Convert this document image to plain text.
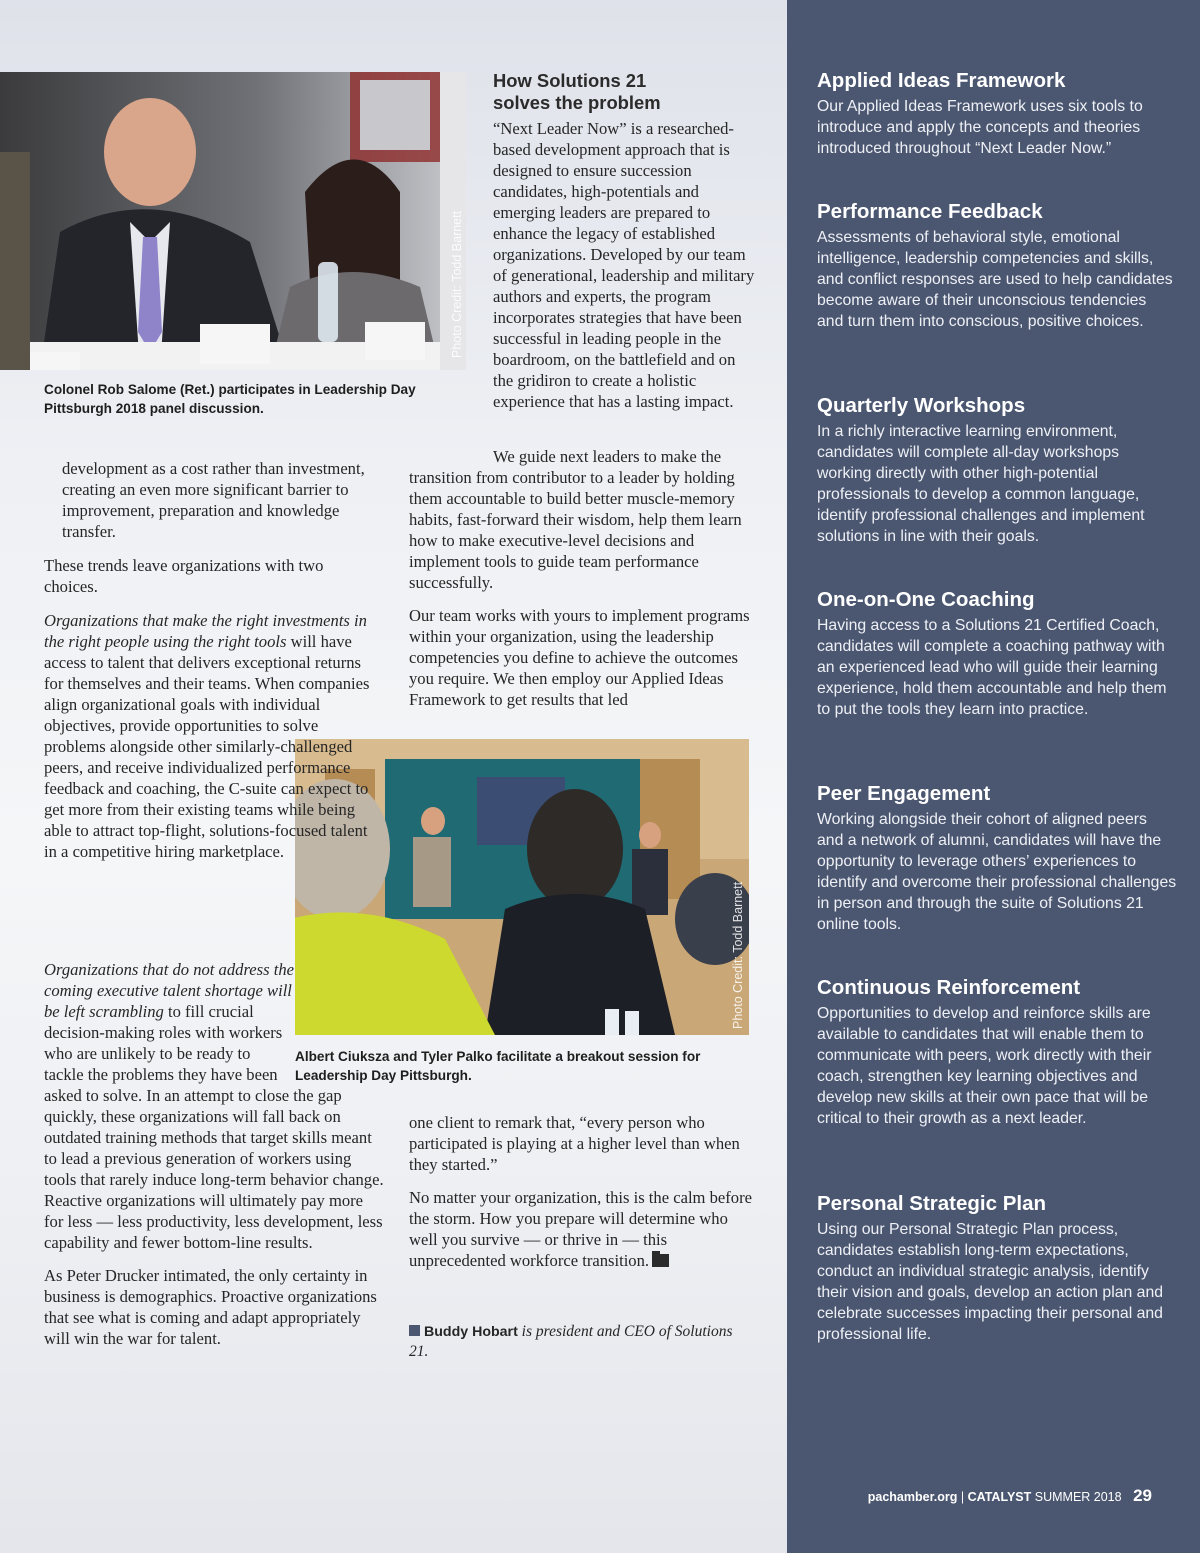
Photo Credit: Todd Barnett
Colonel Rob Salome (Ret.) participates in Leadership Day Pittsburgh 2018 panel discussion.
How Solutions 21 solves the problem
“Next Leader Now” is a researched-based development approach that is designed to ensure succession candidates, high-potentials and emerging leaders are prepared to enhance the legacy of established organizations. Developed by our team of generational, leadership and military authors and experts, the program incorporates strategies that have been successful in leading people in the boardroom, on the battlefield and on the gridiron to create a holistic experience that has a lasting impact.

We guide next leaders to make the transition from contributor to a leader by holding them accountable to build better muscle-memory habits, fast-forward their wisdom, help them learn how to make executive-level decisions and implement tools to guide team performance successfully.

Our team works with yours to implement programs within your organization, using the leadership competencies you define to achieve the outcomes you require. We then employ our Applied Ideas Framework to get results that led

Photo Credit: Todd Barnett
Albert Ciuksza and Tyler Palko facilitate a breakout session for Leadership Day Pittsburgh.

one client to remark that, “every person who participated is playing at a higher level than when they started.”

No matter your organization, this is the calm before the storm. How you prepare will determine who well you survive — or thrive in — this unprecedented workforce transition.

Buddy Hobart is president and CEO of Solutions 21.
development as a cost rather than investment, creating an even more significant barrier to improvement, preparation and knowledge transfer.
These trends leave organizations with two choices.
Organizations that make the right investments in the right people using the right tools will have access to talent that delivers exceptional returns for themselves and their teams. When companies align organizational goals with individual objectives, provide opportunities to solve problems alongside other similarly-challenged peers, and receive individualized performance feedback and coaching, the C-suite can expect to get more from their existing teams while being able to attract top-flight, solutions-focused talent in a competitive hiring marketplace.

Organizations that do not address the coming executive talent shortage will be left scrambling to fill crucial decision-making roles with workers who are unlikely to be ready to tackle the problems they have been asked to solve. In an attempt to close the gap quickly, these organizations will fall back on outdated training methods that target skills meant to lead a previous generation of workers using tools that rarely induce long-term behavior change. Reactive organizations will ultimately pay more for less — less productivity, less development, less capability and fewer bottom-line results.

As Peter Drucker intimated, the only certainty in business is demographics. Proactive organizations that see what is coming and adapt appropriately will win the war for talent.

Applied Ideas Framework
Our Applied Ideas Framework uses six tools to introduce and apply the concepts and theories introduced throughout “Next Leader Now.”
Performance Feedback
Assessments of behavioral style, emotional intelligence, leadership competencies and skills, and conflict responses are used to help candidates become aware of their unconscious tendencies and turn them into conscious, positive choices.
Quarterly Workshops
In a richly interactive learning environment, candidates will complete all-day workshops working directly with other high-potential professionals to develop a common language, identify professional challenges and implement solutions in line with their goals.
One-on-One Coaching
Having access to a Solutions 21 Certified Coach, candidates will complete a coaching pathway with an experienced lead who will guide their learning experience, hold them accountable and help them to put the tools they learn into practice.
Peer Engagement
Working alongside their cohort of aligned peers and a network of alumni, candidates will have the opportunity to leverage others’ experiences to identify and overcome their professional challenges in person and through the suite of Solutions 21 online tools.
Continuous Reinforcement
Opportunities to develop and reinforce skills are available to candidates that will enable them to communicate with peers, work directly with their coach, strengthen key learning objectives and develop new skills at their own pace that will be critical to their growth as a next leader.
Personal Strategic Plan
Using our Personal Strategic Plan process, candidates establish long-term expectations, conduct an individual strategic analysis, identify their vision and goals, develop an action plan and celebrate successes impacting their personal and professional life.
pachamber.org | CATALYST SUMMER 2018 29
